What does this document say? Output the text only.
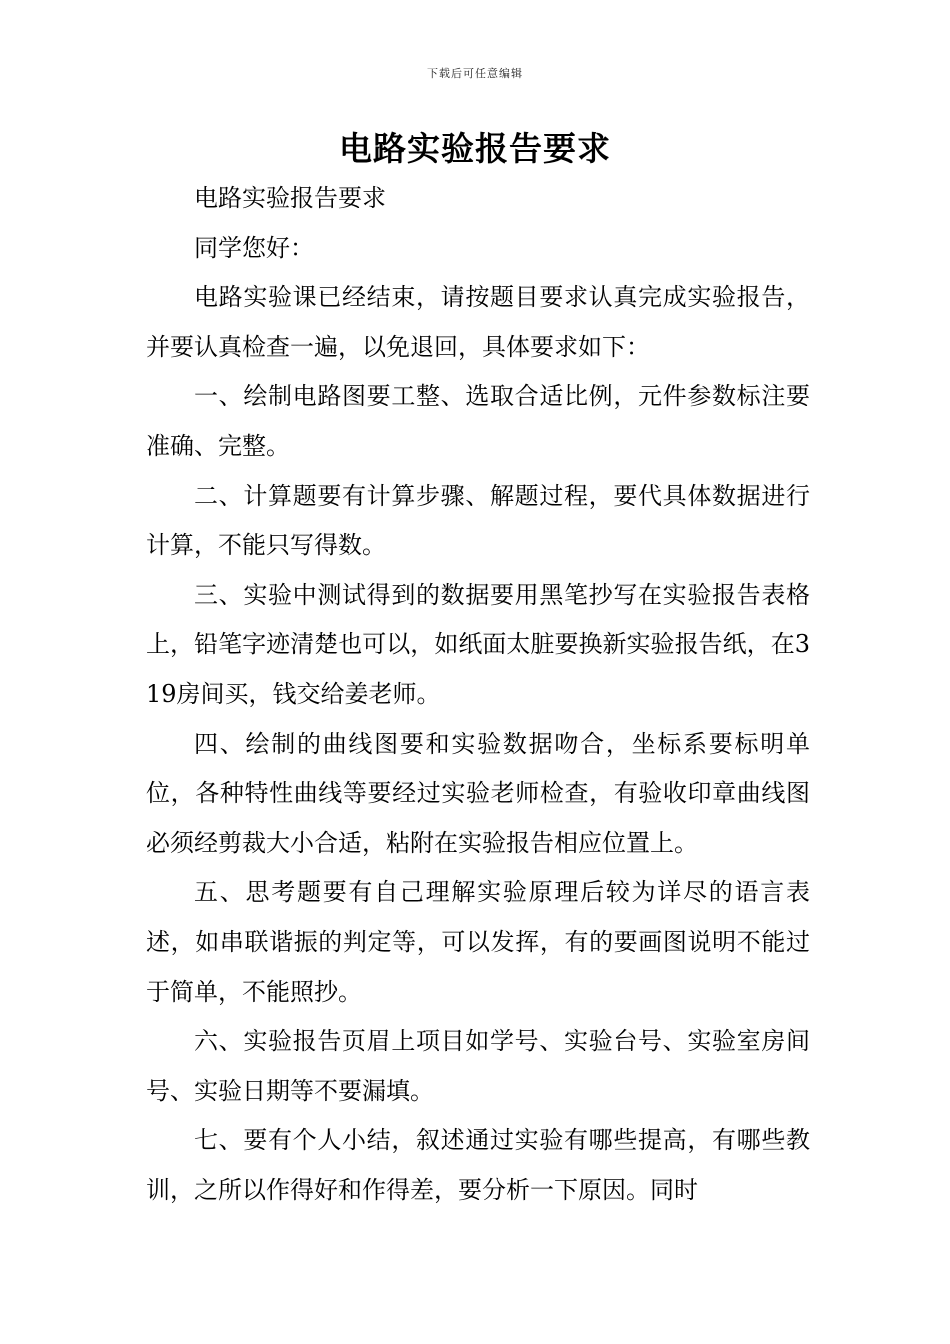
下载后可任意编辑
电路实验报告要求

电路实验报告要求

同学您好：

电路实验课已经结束，请按题目要求认真完成实验报告，并要认真检查一遍，以免退回，具体要求如下：

一、绘制电路图要工整、选取合适比例，元件参数标注要准确、完整。

二、计算题要有计算步骤、解题过程，要代具体数据进行计算，不能只写得数。

三、实验中测试得到的数据要用黑笔抄写在实验报告表格上，铅笔字迹清楚也可以，如纸面太脏要换新实验报告纸，在319房间买，钱交给姜老师。

四、绘制的曲线图要和实验数据吻合，坐标系要标明单位，各种特性曲线等要经过实验老师检查，有验收印章曲线图必须经剪裁大小合适，粘附在实验报告相应位置上。

五、思考题要有自己理解实验原理后较为详尽的语言表述，如串联谐振的判定等，可以发挥，有的要画图说明不能过于简单，不能照抄。

六、实验报告页眉上项目如学号、实验台号、实验室房间号、实验日期等不要漏填。

七、要有个人小结，叙述通过实验有哪些提高，有哪些教训，之所以作得好和作得差，要分析一下原因。同时
